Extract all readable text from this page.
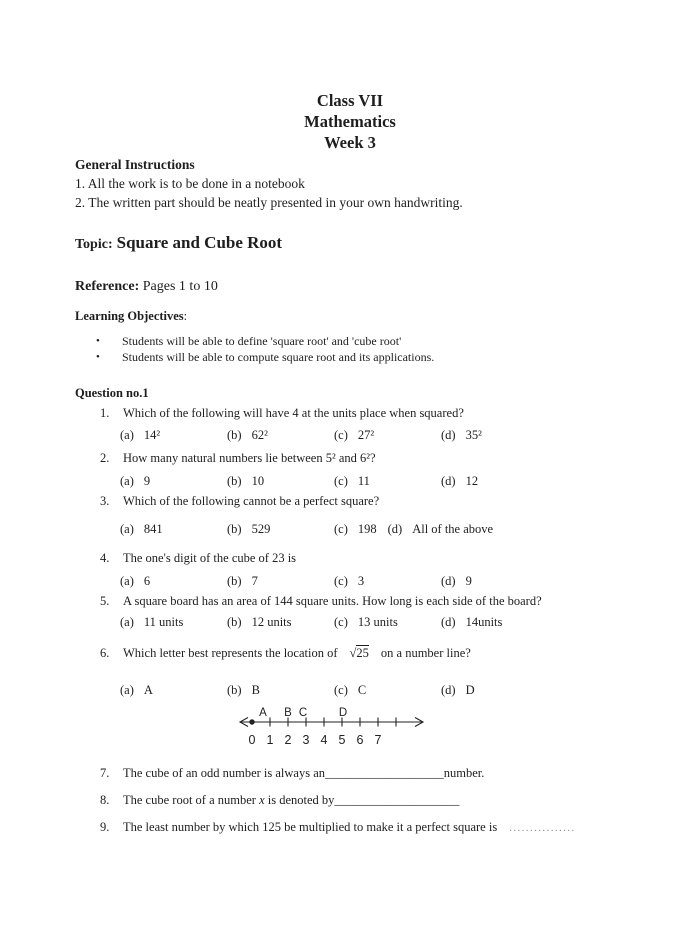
Class VII
Mathematics
Week 3
General Instructions
1. All the work is to be done in a notebook
2. The written part should be neatly presented in your own handwriting.
Topic: Square and Cube Root
Reference: Pages 1 to 10
Learning Objectives:
•	Students will be able to define 'square root' and 'cube root'
•	Students will be able to compute square root and its applications.
Question no.1
1.	Which of the following will have 4 at the units place when squared?
(a) 14²	(b) 62²	(c) 27²	(d) 35²
2.	How many natural numbers lie between 5² and 6²?
(a) 9	(b) 10	(c) 11	(d) 12
3.	Which of the following cannot be a perfect square?
(a) 841	(b) 529	(c) 198 (d) All of the above
4.	The one's digit of the cube of 23 is
(a) 6	(b) 7	(c) 3	(d) 9
5.	A square board has an area of 144 square units. How long is each side of the board?
(a) 11 units	(b) 12 units	(c) 13 units	(d) 14units
6.	Which letter best represents the location of √25 on a number line?
(a) A	(b) B	(c) C	(d) D
0 1 2 3 4 5 6 7
A B C	D
7.	The cube of an odd number is always an___________________number.
8.	The cube root of a number x is denoted by____________________
9.	The least number by which 125 be multiplied to make it a perfect square is ................
